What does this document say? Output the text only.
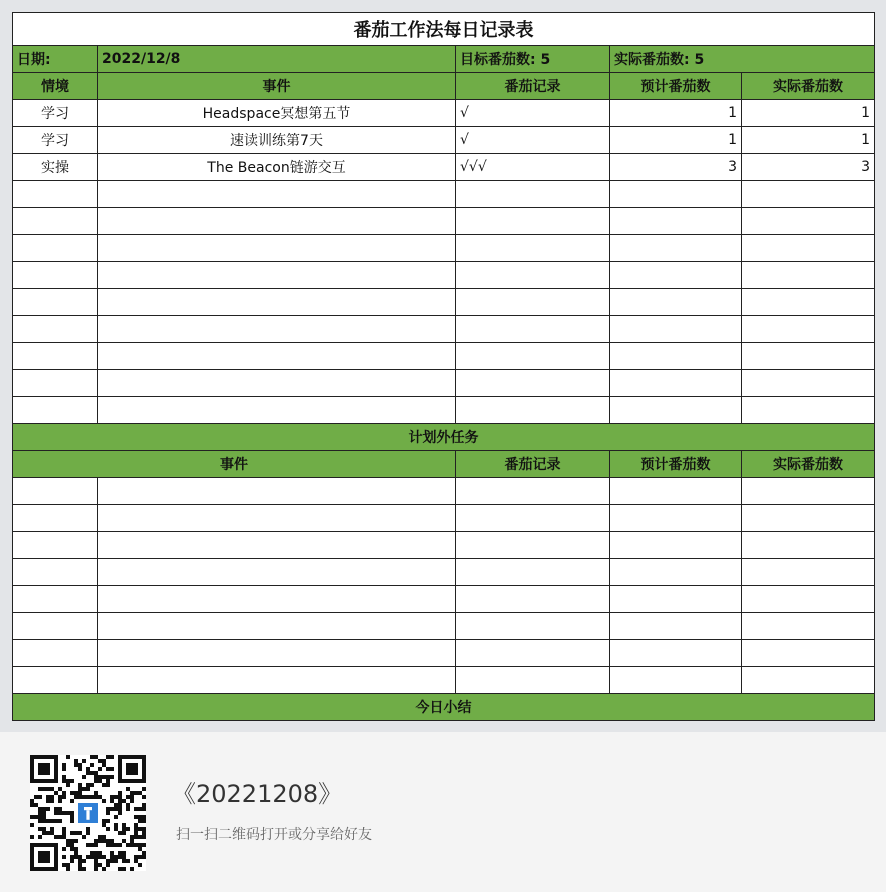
番茄工作法每日记录表				
日期:	2022/12/8	目标番茄数: 5	实际番茄数: 5	
情境	事件	番茄记录	预计番茄数	实际番茄数
学习	Headspace冥想第五节	√	1	1
学习	速读训练第7天	√	1	1
实操	The Beacon链游交互	√√√	3	3

计划外任务				
事件		番茄记录	预计番茄数	实际番茄数

今日小结				
《20221208》
扫一扫二维码打开或分享给好友
